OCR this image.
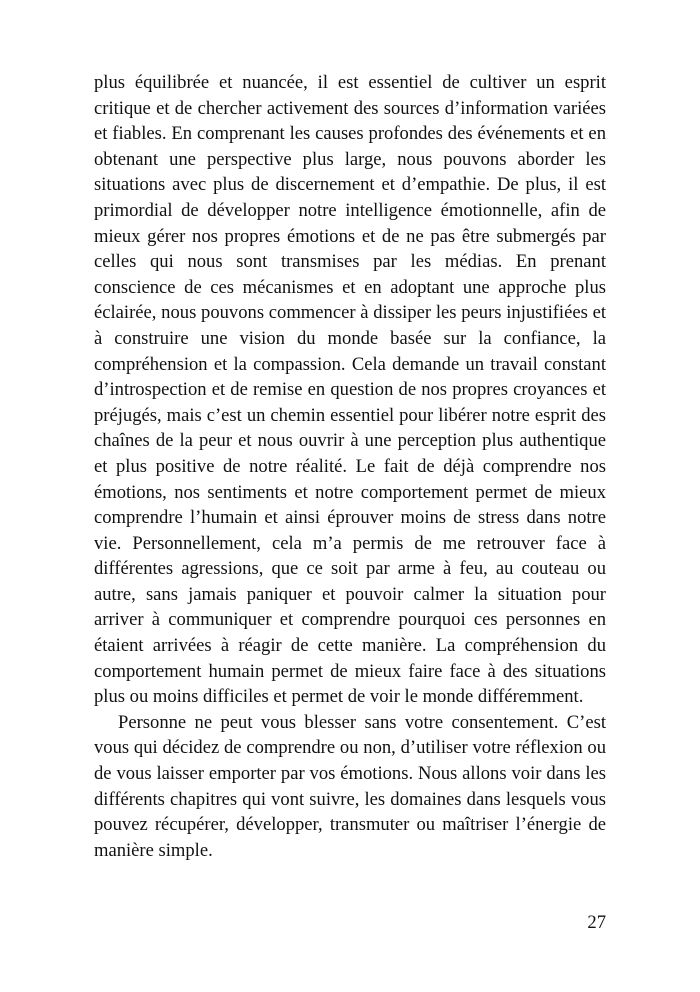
plus équilibrée et nuancée, il est essentiel de cultiver un esprit critique et de chercher activement des sources d’information variées et fiables. En comprenant les causes profondes des événements et en obtenant une perspective plus large, nous pouvons aborder les situations avec plus de discernement et d’empathie. De plus, il est primordial de développer notre intelligence émotionnelle, afin de mieux gérer nos propres émotions et de ne pas être submergés par celles qui nous sont transmises par les médias. En prenant conscience de ces mécanismes et en adoptant une approche plus éclairée, nous pouvons commencer à dissiper les peurs injustifiées et à construire une vision du monde basée sur la confiance, la compréhension et la compassion. Cela demande un travail constant d’introspection et de remise en question de nos propres croyances et préjugés, mais c’est un chemin essentiel pour libérer notre esprit des chaînes de la peur et nous ouvrir à une perception plus authentique et plus positive de notre réalité. Le fait de déjà comprendre nos émotions, nos sentiments et notre comportement permet de mieux comprendre l’humain et ainsi éprouver moins de stress dans notre vie. Personnellement, cela m’a permis de me retrouver face à différentes agressions, que ce soit par arme à feu, au couteau ou autre, sans jamais paniquer et pouvoir calmer la situation pour arriver à communiquer et comprendre pourquoi ces personnes en étaient arrivées à réagir de cette manière. La compréhension du comportement humain permet de mieux faire face à des situations plus ou moins difficiles et permet de voir le monde différemment.

Personne ne peut vous blesser sans votre consentement. C’est vous qui décidez de comprendre ou non, d’utiliser votre réflexion ou de vous laisser emporter par vos émotions. Nous allons voir dans les différents chapitres qui vont suivre, les domaines dans lesquels vous pouvez récupérer, développer, transmuter ou maîtriser l’énergie de manière simple.

27
